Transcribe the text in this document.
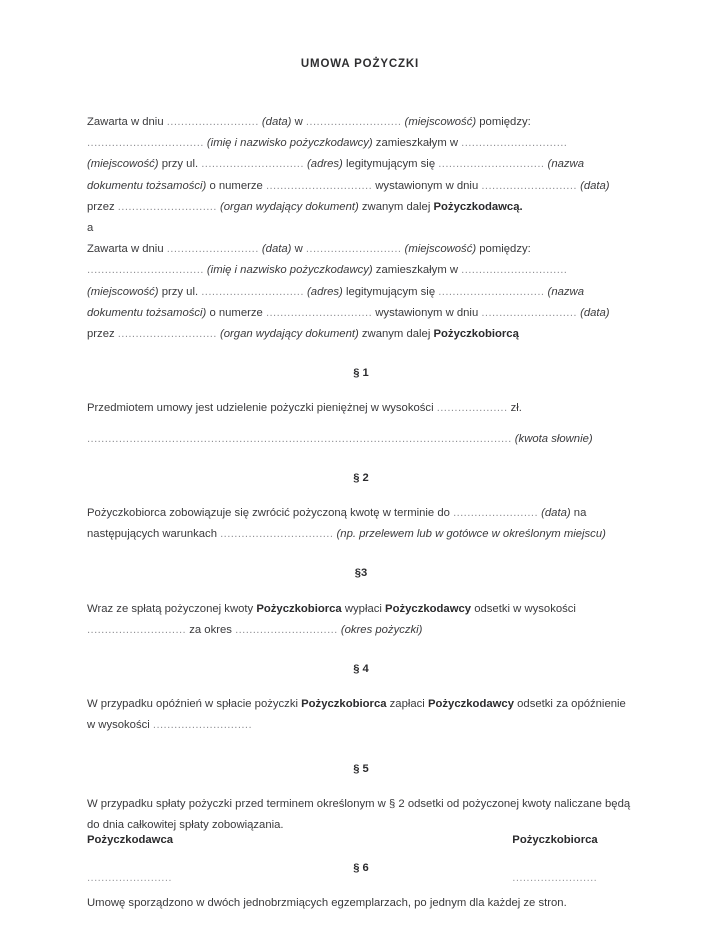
UMOWA POŻYCZKI

Zawarta w dniu .......................... (data) w ........................... (miejscowość) pomiędzy: ................................. (imię i nazwisko pożyczkodawcy) zamieszkałym w .............................. (miejscowość) przy ul. ............................. (adres) legitymującym się .............................. (nazwa dokumentu tożsamości) o numerze .............................. wystawionym w dniu ........................... (data) przez ............................ (organ wydający dokument) zwanym dalej Pożyczkodawcą.

a

Zawarta w dniu .......................... (data) w ........................... (miejscowość) pomiędzy: ................................. (imię i nazwisko pożyczkodawcy) zamieszkałym w .............................. (miejscowość) przy ul. ............................. (adres) legitymującym się .............................. (nazwa dokumentu tożsamości) o numerze .............................. wystawionym w dniu ........................... (data) przez ............................ (organ wydający dokument) zwanym dalej Pożyczkobiorcą

§ 1

Przedmiotem umowy jest udzielenie pożyczki pieniężnej w wysokości .................... zł.

........................................................................................................................ (kwota słownie)

§ 2

Pożyczkobiorca zobowiązuje się zwrócić pożyczoną kwotę w terminie do ........................ (data) na następujących warunkach ................................ (np. przelewem lub w gotówce w określonym miejscu)

§3

Wraz ze spłatą pożyczonej kwoty Pożyczkobiorca wypłaci Pożyczkodawcy odsetki w wysokości ............................ za okres ............................. (okres pożyczki)

§ 4

W przypadku opóźnień w spłacie pożyczki Pożyczkobiorca zapłaci Pożyczkodawcy odsetki za opóźnienie w wysokości ............................

§ 5

W przypadku spłaty pożyczki przed terminem określonym w § 2 odsetki od pożyczonej kwoty naliczane będą do dnia całkowitej spłaty zobowiązania.

§ 6

Umowę sporządzono w dwóch jednobrzmiących egzemplarzach, po jednym dla każdej ze stron.

Pożyczkodawca
........................
Pożyczkobiorca
........................
